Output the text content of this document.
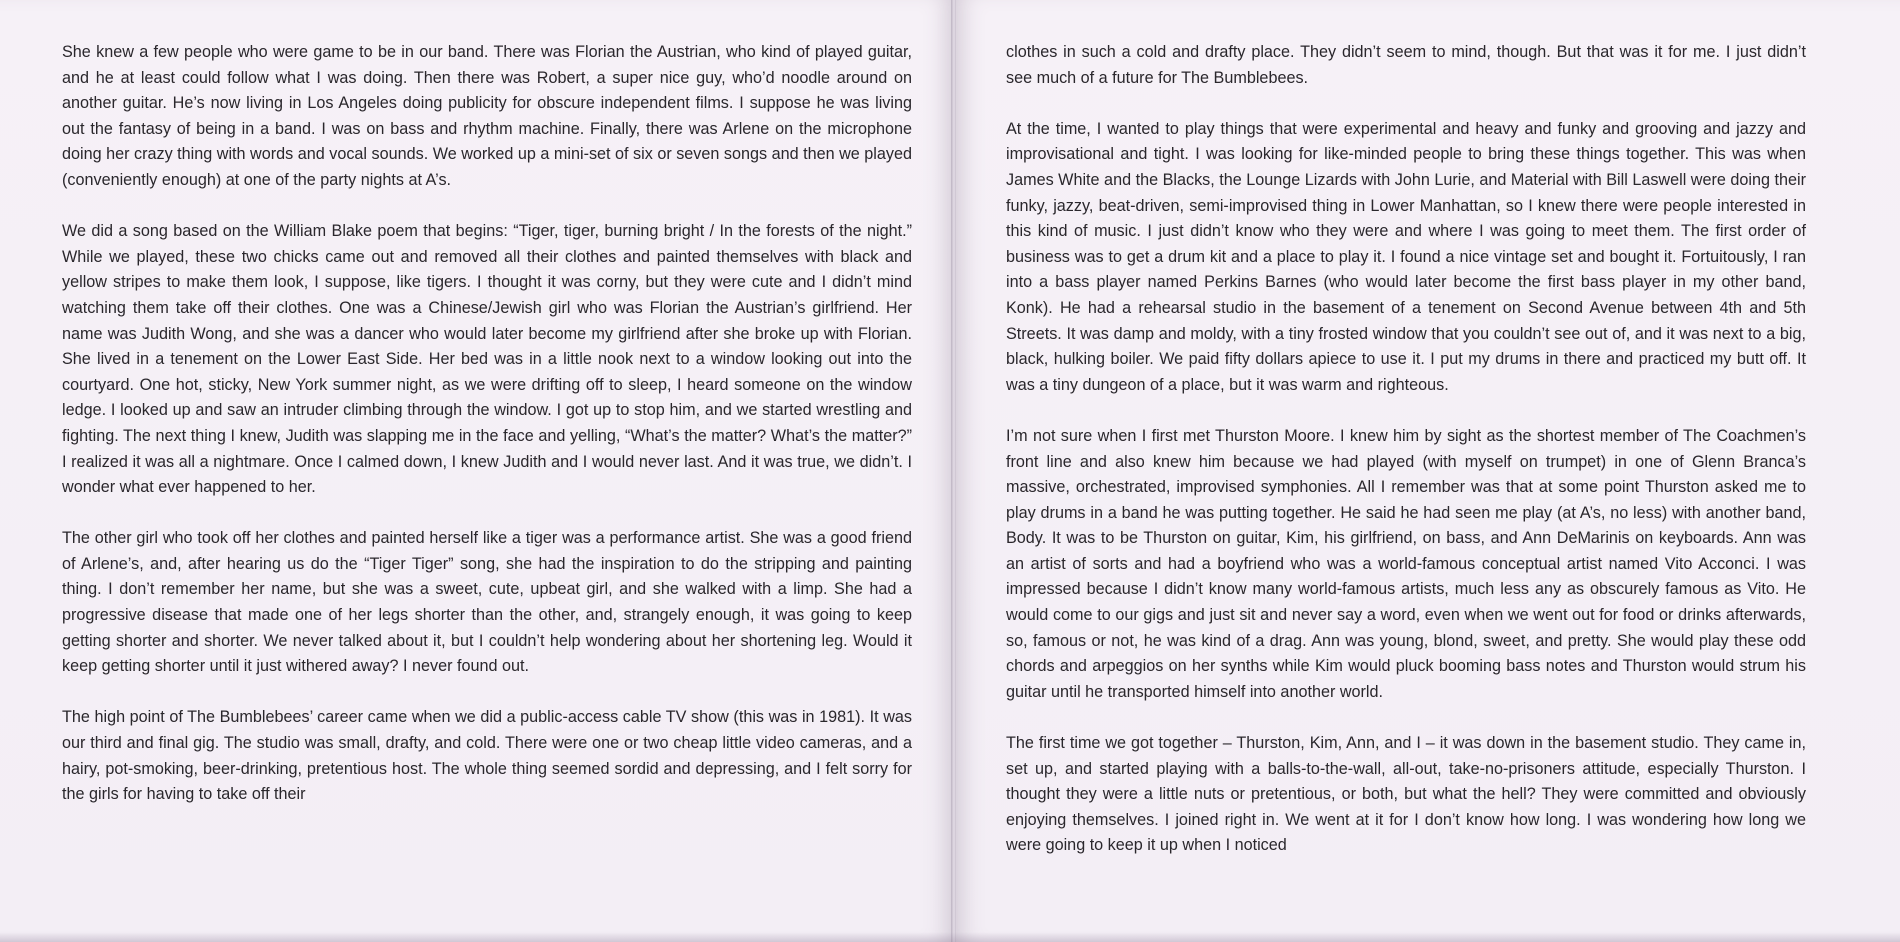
She knew a few people who were game to be in our band. There was Florian the Austrian, who kind of played guitar, and he at least could follow what I was doing. Then there was Robert, a super nice guy, who’d noodle around on another guitar. He’s now living in Los Angeles doing publicity for obscure independent films. I suppose he was living out the fantasy of being in a band. I was on bass and rhythm machine. Finally, there was Arlene on the microphone doing her crazy thing with words and vocal sounds. We worked up a mini-set of six or seven songs and then we played (conveniently enough) at one of the party nights at A’s.

We did a song based on the William Blake poem that begins: “Tiger, tiger, burning bright / In the forests of the night.” While we played, these two chicks came out and removed all their clothes and painted themselves with black and yellow stripes to make them look, I suppose, like tigers. I thought it was corny, but they were cute and I didn’t mind watching them take off their clothes. One was a Chinese/Jewish girl who was Florian the Austrian’s girlfriend. Her name was Judith Wong, and she was a dancer who would later become my girlfriend after she broke up with Florian. She lived in a tenement on the Lower East Side. Her bed was in a little nook next to a window looking out into the courtyard. One hot, sticky, New York summer night, as we were drifting off to sleep, I heard someone on the window ledge. I looked up and saw an intruder climbing through the window. I got up to stop him, and we started wrestling and fighting. The next thing I knew, Judith was slapping me in the face and yelling, “What’s the matter? What’s the matter?” I realized it was all a nightmare. Once I calmed down, I knew Judith and I would never last. And it was true, we didn’t. I wonder what ever happened to her.

The other girl who took off her clothes and painted herself like a tiger was a performance artist. She was a good friend of Arlene’s, and, after hearing us do the “Tiger Tiger” song, she had the inspiration to do the stripping and painting thing. I don’t remember her name, but she was a sweet, cute, upbeat girl, and she walked with a limp. She had a progressive disease that made one of her legs shorter than the other, and, strangely enough, it was going to keep getting shorter and shorter. We never talked about it, but I couldn’t help wondering about her shortening leg. Would it keep getting shorter until it just withered away? I never found out.

The high point of The Bumblebees’ career came when we did a public-access cable TV show (this was in 1981). It was our third and final gig. The studio was small, drafty, and cold. There were one or two cheap little video cameras, and a hairy, pot-smoking, beer-drinking, pretentious host. The whole thing seemed sordid and depressing, and I felt sorry for the girls for having to take off their

clothes in such a cold and drafty place. They didn’t seem to mind, though. But that was it for me. I just didn’t see much of a future for The Bumblebees.

At the time, I wanted to play things that were experimental and heavy and funky and grooving and jazzy and improvisational and tight. I was looking for like-minded people to bring these things together. This was when James White and the Blacks, the Lounge Lizards with John Lurie, and Material with Bill Laswell were doing their funky, jazzy, beat-driven, semi-improvised thing in Lower Manhattan, so I knew there were people interested in this kind of music. I just didn’t know who they were and where I was going to meet them. The first order of business was to get a drum kit and a place to play it. I found a nice vintage set and bought it. Fortuitously, I ran into a bass player named Perkins Barnes (who would later become the first bass player in my other band, Konk). He had a rehearsal studio in the basement of a tenement on Second Avenue between 4th and 5th Streets. It was damp and moldy, with a tiny frosted window that you couldn’t see out of, and it was next to a big, black, hulking boiler. We paid fifty dollars apiece to use it. I put my drums in there and practiced my butt off. It was a tiny dungeon of a place, but it was warm and righteous.

I’m not sure when I first met Thurston Moore. I knew him by sight as the shortest member of The Coachmen’s front line and also knew him because we had played (with myself on trumpet) in one of Glenn Branca’s massive, orchestrated, improvised symphonies. All I remember was that at some point Thurston asked me to play drums in a band he was putting together. He said he had seen me play (at A’s, no less) with another band, Body. It was to be Thurston on guitar, Kim, his girlfriend, on bass, and Ann DeMarinis on keyboards. Ann was an artist of sorts and had a boyfriend who was a world-famous conceptual artist named Vito Acconci. I was impressed because I didn’t know many world-famous artists, much less any as obscurely famous as Vito. He would come to our gigs and just sit and never say a word, even when we went out for food or drinks afterwards, so, famous or not, he was kind of a drag. Ann was young, blond, sweet, and pretty. She would play these odd chords and arpeggios on her synths while Kim would pluck booming bass notes and Thurston would strum his guitar until he transported himself into another world.

The first time we got together – Thurston, Kim, Ann, and I – it was down in the basement studio. They came in, set up, and started playing with a balls-to-the-wall, all-out, take-no-prisoners attitude, especially Thurston. I thought they were a little nuts or pretentious, or both, but what the hell? They were committed and obviously enjoying themselves. I joined right in. We went at it for I don’t know how long. I was wondering how long we were going to keep it up when I noticed
